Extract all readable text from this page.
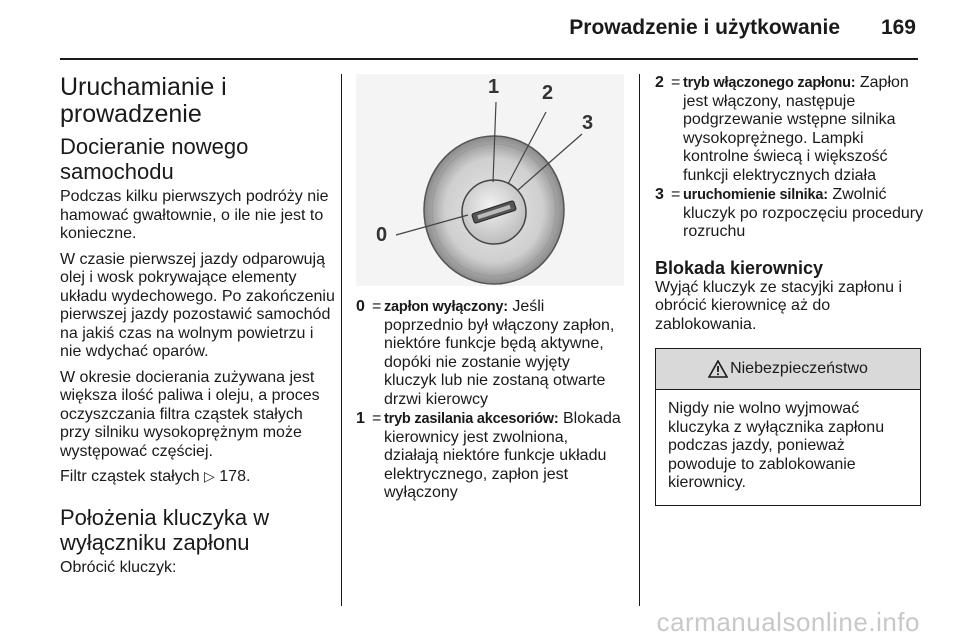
Prowadzenie i użytkowanie 169
Uruchamianie i prowadzenie
Docieranie nowego samochodu

Podczas kilku pierwszych podróży nie hamować gwałtownie, o ile nie jest to konieczne.

W czasie pierwszej jazdy odparowują olej i wosk pokrywające elementy układu wydechowego. Po zakończeniu pierwszej jazdy pozostawić samochód na jakiś czas na wolnym powietrzu i nie wdychać oparów.

W okresie docierania zużywana jest większa ilość paliwa i oleju, a proces oczyszczania filtra cząstek stałych przy silniku wysokoprężnym może występować częściej.

Filtr cząstek stałych ▷ 178.

Położenia kluczyka w wyłączniku zapłonu

Obrócić kluczyk:

0
1 2
3
0 = zapłon wyłączony: Jeśli poprzednio był włączony zapłon, niektóre funkcje będą aktywne, dopóki nie zostanie wyjęty kluczyk lub nie zostaną otwarte drzwi kierowcy
1 = tryb zasilania akcesoriów: Blokada kierownicy jest zwolniona, działają niektóre funkcje układu elektrycznego, zapłon jest wyłączony
2 = tryb włączonego zapłonu: Zapłon jest włączony, następuje podgrzewanie wstępne silnika wysokoprężnego. Lampki kontrolne świecą i większość funkcji elektrycznych działa
3 = uruchomienie silnika: Zwolnić kluczyk po rozpoczęciu procedury rozruchu
Blokada kierownicy

Wyjąć kluczyk ze stacyjki zapłonu i obrócić kierownicę aż do zablokowania.

Niebezpieczeństwo
Nigdy nie wolno wyjmować kluczyka z wyłącznika zapłonu podczas jazdy, ponieważ powoduje to zablokowanie kierownicy.
carmanualsonline.info
